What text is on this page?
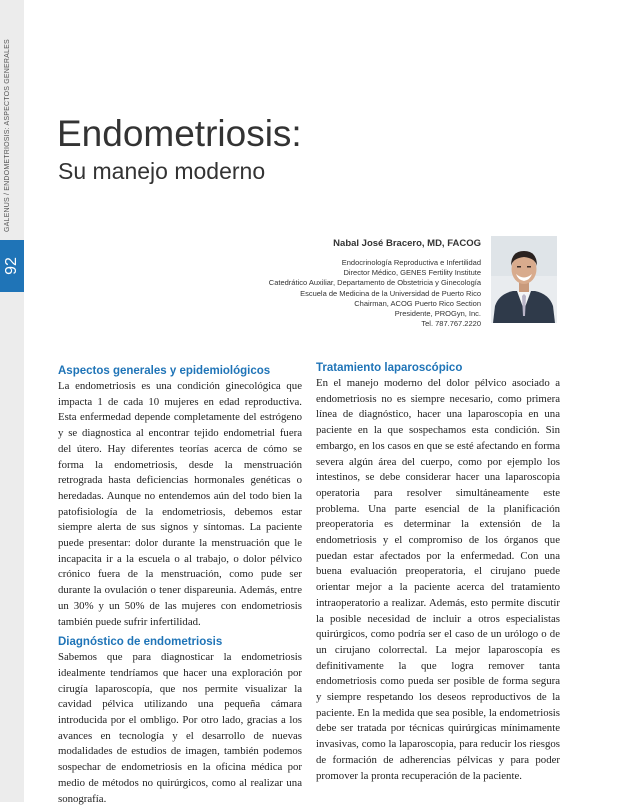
GALENUS / ENDOMETRIOSIS: ASPECTOS GENERALES
92
Endometriosis:
Su manejo moderno
Nabal José Bracero, MD, FACOG
Endocrinología Reproductiva e Infertilidad
Director Médico, GENES Fertility Institute
Catedrático Auxiliar, Departamento de Obstetricia y Ginecología
Escuela de Medicina de la Universidad de Puerto Rico
Chairman, ACOG Puerto Rico Section
Presidente, PROGyn, Inc.
Tel. 787.767.2220
Aspectos generales y epidemiológicos

La endometriosis es una condición ginecológica que impacta 1 de cada 10 mujeres en edad reproductiva. Esta enfermedad depende completamente del estrógeno y se diagnostica al encontrar tejido endometrial fuera del útero. Hay diferentes teorías acerca de cómo se forma la endometriosis, desde la menstruación retrograda hasta deficiencias hormonales genéticas o heredadas. Aunque no entendemos aún del todo bien la patofisiología de la endometriosis, debemos estar siempre alerta de sus signos y síntomas. La paciente puede presentar: dolor durante la menstruación que le incapacita ir a la escuela o al trabajo, o dolor pélvico crónico fuera de la menstruación, como pude ser durante la ovulación o tener dispareunia. Además, entre un 30% y un 50% de las mujeres con endometriosis también puede sufrir infertilidad.

Diagnóstico de endometriosis

Sabemos que para diagnosticar la endometriosis idealmente tendríamos que hacer una exploración por cirugía laparoscopía, que nos permite visualizar la cavidad pélvica utilizando una pequeña cámara introducida por el ombligo. Por otro lado, gracias a los avances en tecnología y el desarrollo de nuevas modalidades de estudios de imagen, también podemos sospechar de endometriosis en la oficina médica por medio de métodos no quirúrgicos, como al realizar una sonografía.

Tratamiento laparoscópico

En el manejo moderno del dolor pélvico asociado a endometriosis no es siempre necesario, como primera línea de diagnóstico, hacer una laparoscopia en una paciente en la que sospechamos esta condición. Sin embargo, en los casos en que se esté afectando en forma severa algún área del cuerpo, como por ejemplo los intestinos, se debe considerar hacer una laparoscopia operatoria para resolver simultáneamente este problema. Una parte esencial de la planificación preoperatoria es determinar la extensión de la endometriosis y el compromiso de los órganos que puedan estar afectados por la enfermedad. Con una buena evaluación preoperatoria, el cirujano puede orientar mejor a la paciente acerca del tratamiento intraoperatorio a realizar. Además, esto permite discutir la posible necesidad de incluir a otros especialistas quirúrgicos, como podría ser el caso de un urólogo o de un cirujano colorrectal. La mejor laparoscopía es definitivamente la que logra remover tanta endometriosis como pueda ser posible de forma segura y siempre respetando los deseos reproductivos de la paciente. En la medida que sea posible, la endometriosis debe ser tratada por técnicas quirúrgicas mínimamente invasivas, como la laparoscopia, para reducir los riesgos de formación de adherencias pélvicas y para poder promover la pronta recuperación de la paciente.
